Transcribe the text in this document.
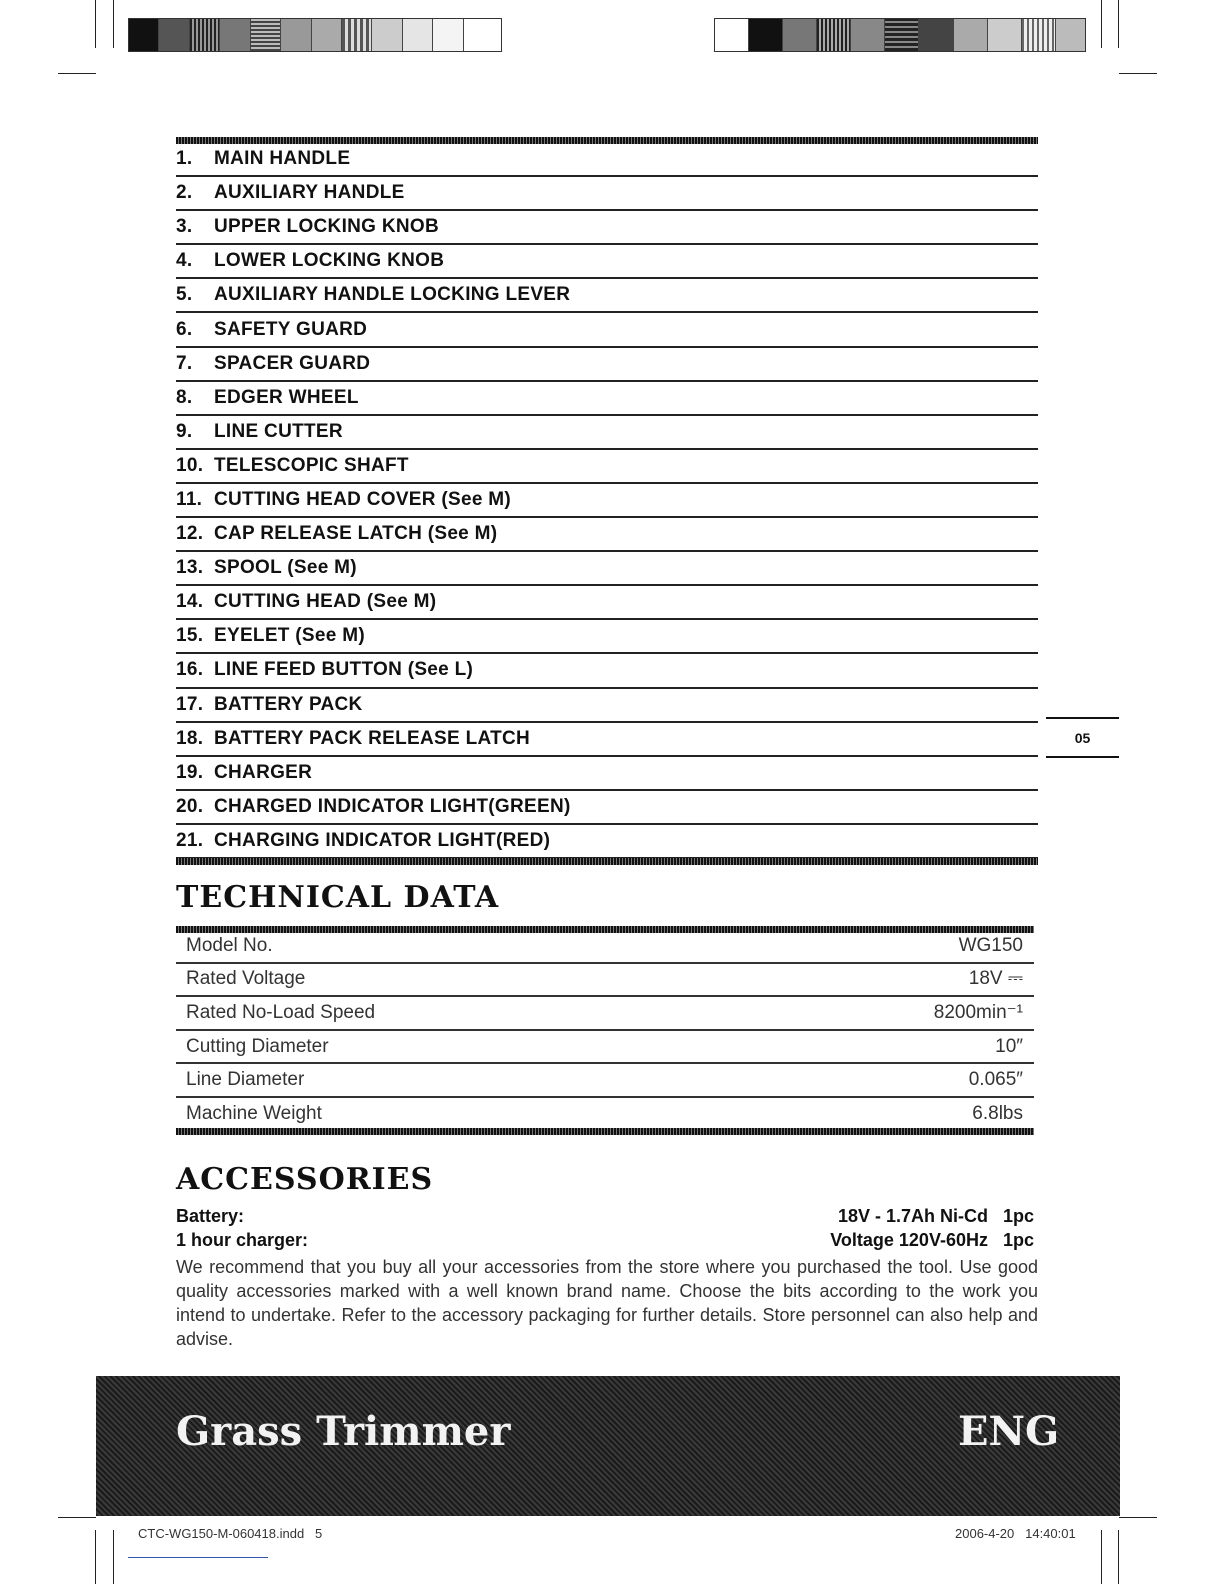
1.	MAIN HANDLE
2.	AUXILIARY HANDLE
3.	UPPER LOCKING KNOB
4.	LOWER LOCKING KNOB
5.	AUXILIARY HANDLE LOCKING LEVER
6.	SAFETY GUARD
7.	SPACER GUARD
8.	EDGER WHEEL
9.	LINE CUTTER
10. TELESCOPIC SHAFT
11. CUTTING HEAD COVER (See M)
12. CAP RELEASE LATCH (See M)
13. SPOOL (See M)
14. CUTTING HEAD (See M)
15. EYELET (See M)
16. LINE FEED BUTTON (See L)
17. BATTERY PACK
18. BATTERY PACK RELEASE LATCH
19. CHARGER
20. CHARGED INDICATOR LIGHT(GREEN)
21. CHARGING INDICATOR LIGHT(RED)
05
TECHNICAL DATA
Model No.	WG150
Rated Voltage	18V ⎓
Rated No-Load Speed	8200min⁻¹
Cutting Diameter	10″
Line Diameter	0.065″
Machine Weight	6.8lbs
ACCESSORIES
Battery:	18V - 1.7Ah Ni-Cd   1pc
1 hour charger:	Voltage 120V-60Hz   1pc
We recommend that you buy all your accessories from the store where you purchased the tool. Use good quality accessories marked with a well known brand name. Choose the bits according to the work you intend to undertake. Refer to the accessory packaging for further details. Store personnel can also help and advise.
Grass Trimmer	ENG
CTC-WG150-M-060418.indd   5	2006-4-20   14:40:01
